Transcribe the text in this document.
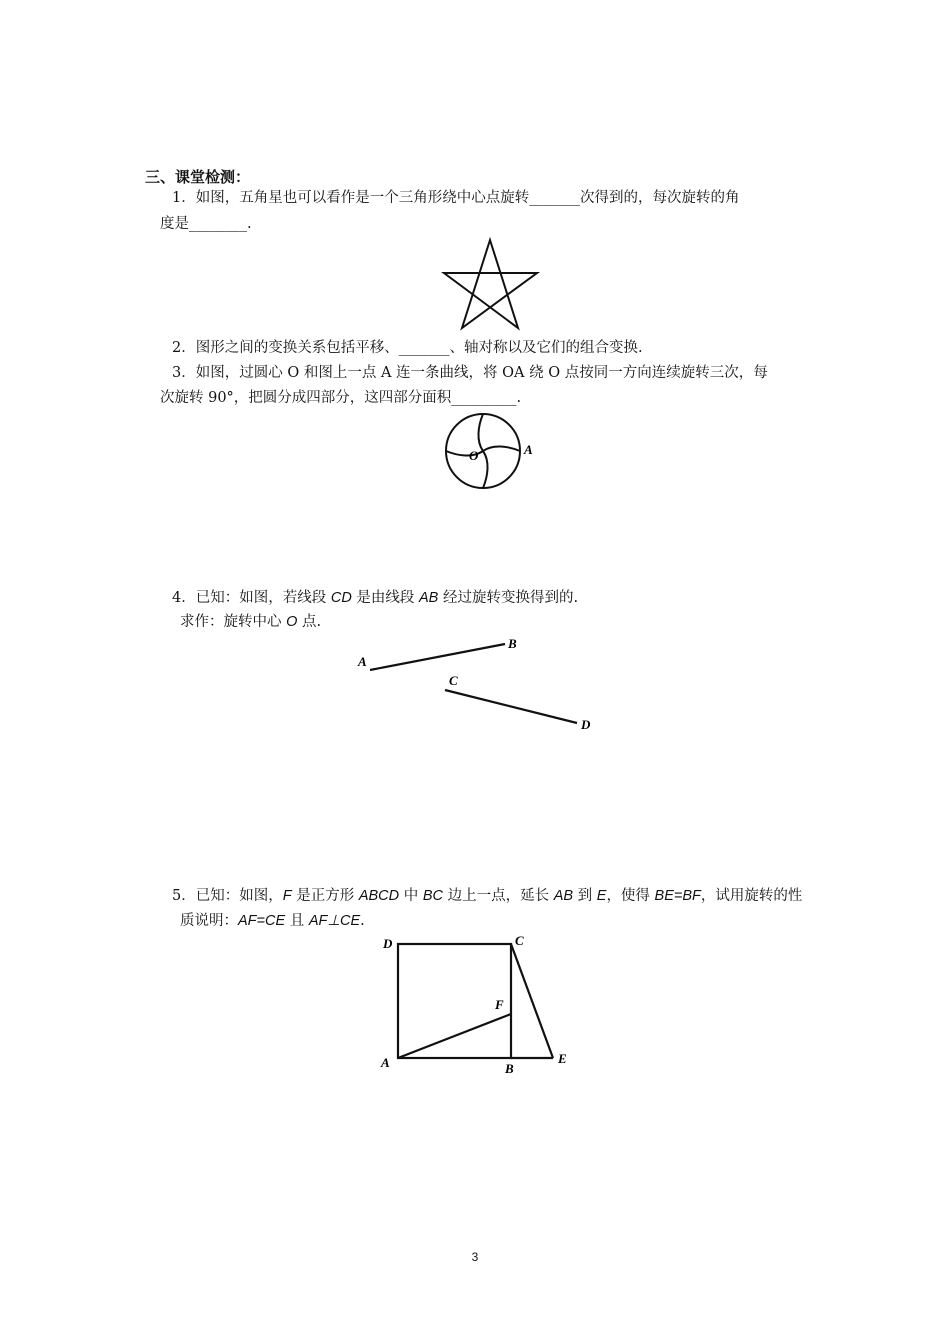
三、课堂检测：
1．如图，五角星也可以看作是一个三角形绕中心点旋转_______次得到的，每次旋转的角
度是________.
2．图形之间的变换关系包括平移、_______、轴对称以及它们的组合变换.
3．如图，过圆心 O 和图上一点 A 连一条曲线，将 OA 绕 O 点按同一方向连续旋转三次，每
次旋转 90°，把圆分成四部分，这四部分面积_________.
O	A
4．已知：如图，若线段 CD 是由线段 AB 经过旋转变换得到的.
求作：旋转中心 O 点.
A
B
C
D
5．已知：如图，F 是正方形 ABCD 中 BC 边上一点，延长 AB 到 E，使得 BE=BF，试用旋转的性
质说明：AF=CE 且 AF⊥CE.
D	C
F
A	B
E
3
